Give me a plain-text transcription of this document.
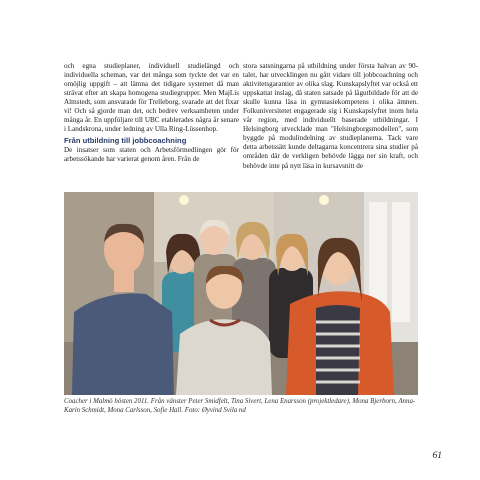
och egna studieplaner, individuell studielängd och individuella scheman, var det många som tyckte det var en omöjlig uppgift – att lämna det tidigare systemet då man strävat efter att skapa homogena studiegrupper. Men MajLis Almstedt, som ansvarade för Trelleborg, svarade att det fixar vi! Och så gjorde man det, och bedrev verksamheten under många år. En uppföljare till UBC etablerades några år senare i Landskrona, under ledning av Ulla Ring-Lüssenhop.

Från utbildning till jobbcoachning

De insatser som staten och Arbetsförmedlingen gör för arbetssökande har varierat genom åren. Från de

stora satsningarna på utbildning under första halvan av 90-talet, har utvecklingen nu gått vidare till jobbcoachning och aktivitetsgarantier av olika slag. Kunskapslyftet var också ett uppskattat inslag, då staten satsade på lågutbildade för att de skulle kunna läsa in gymnasiekompetens i olika ämnen. Folkuniversitetet engagerade sig i Kunskapslyftet inom hela vår region, med individuellt baserade utbildningar. I Helsingborg utvecklade man "Helsingborgsmodellen", som byggde på modulindelning av studieplanerna. Tack vare detta arbetssätt kunde deltagarna koncentrera sina studier på områden där de verkligen behövde lägga ner sin kraft, och behövde inte på nytt läsa in kursavsnitt de

Coacher i Malmö hösten 2011. Från vänster Peter Smidfelt, Tina Sivert, Lena Enarsson (projektledare), Mona Bjerborn, Anna-Karin Schmidt, Mona Carlsson, Sofie Hall. Foto: Øyvind Svila nd
61
